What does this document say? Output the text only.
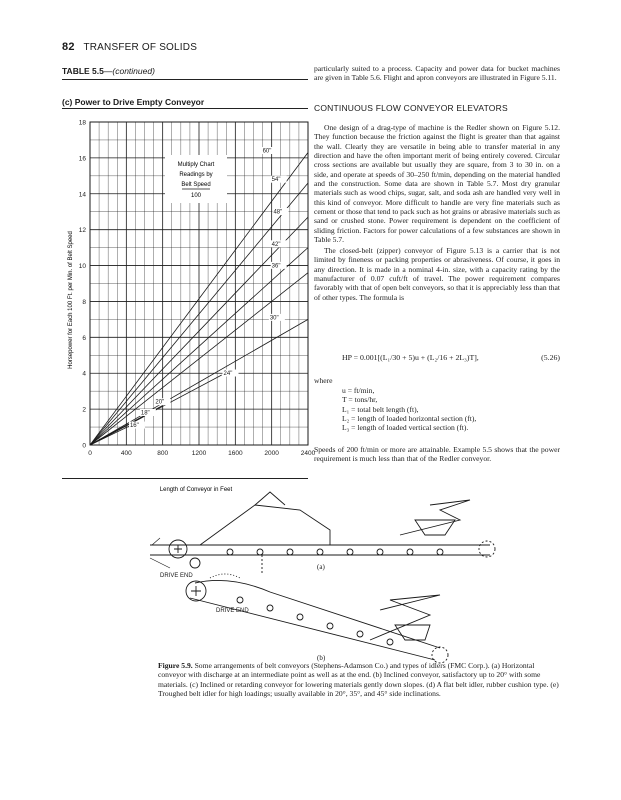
82 TRANSFER OF SOLIDS
TABLE 5.5—(continued)
(c) Power to Drive Empty Conveyor
0	400	800	1200	1600	2000	2400
0
2
4
6
8
10
12
14
16
18
60"
54"
48"
42"
36"
30"
24"
20"
18"
16"
Multiply Chart
Readings by
Belt Speed
100
Length of Conveyor in Feet
Horsepower for Each 100 Ft. per Min. of Belt Speed
particularly suited to a process. Capacity and power data for bucket machines are given in Table 5.6. Flight and apron conveyors are illustrated in Figure 5.11.
CONTINUOUS FLOW CONVEYOR ELEVATORS
One design of a drag-type of machine is the Redler shown on Figure 5.12. They function because the friction against the flight is greater than that against the wall. Clearly they are versatile in being able to transfer material in any direction and have the often important merit of being entirely covered. Circular cross sections are available but usually they are square, from 3 to 30 in. on a side, and operate at speeds of 30–250 ft/min, depending on the material handled and the construction. Some data are shown in Table 5.7. Most dry granular materials such as wood chips, sugar, salt, and soda ash are handled very well in this kind of conveyor. More difficult to handle are very fine materials such as cement or those that tend to pack such as hot grains or abrasive materials such as sand or crushed stone. Power requirement is dependent on the coefficient of sliding friction. Factors for power calculations of a few substances are shown in Table 5.7.
The closed-belt (zipper) conveyor of Figure 5.13 is a carrier that is not limited by fineness or packing properties or abrasiveness. Of course, it goes in any direction. It is made in a nominal 4-in. size, with a capacity rating by the manufacturer of 0.07 cuft/ft of travel. The power requirement compares favorably with that of open belt conveyors, so that it is appreciably less than that of other types. The formula is
HP = 0.001[(L₁/30 + 5)u + (L₂/16 + 2L₃)T],	(5.26)
where
u = ft/min,
T = tons/hr,
L₁ = total belt length (ft),
L₂ = length of loaded horizontal section (ft),
L₃ = length of loaded vertical section (ft).
Speeds of 200 ft/min or more are attainable. Example 5.5 shows that the power requirement is much less than that of the Redler conveyor.
DRIVE END
(a)
DRIVE END
(b)
Figure 5.9. Some arrangements of belt conveyors (Stephens-Adamson Co.) and types of idlers (FMC Corp.). (a) Horizontal conveyor with discharge at an intermediate point as well as at the end. (b) Inclined conveyor, satisfactory up to 20° with some materials. (c) Inclined or retarding conveyor for lowering materials gently down slopes. (d) A flat belt idler, rubber cushion type. (e) Troughed belt idler for high loadings; usually available in 20°, 35°, and 45° side inclinations.
